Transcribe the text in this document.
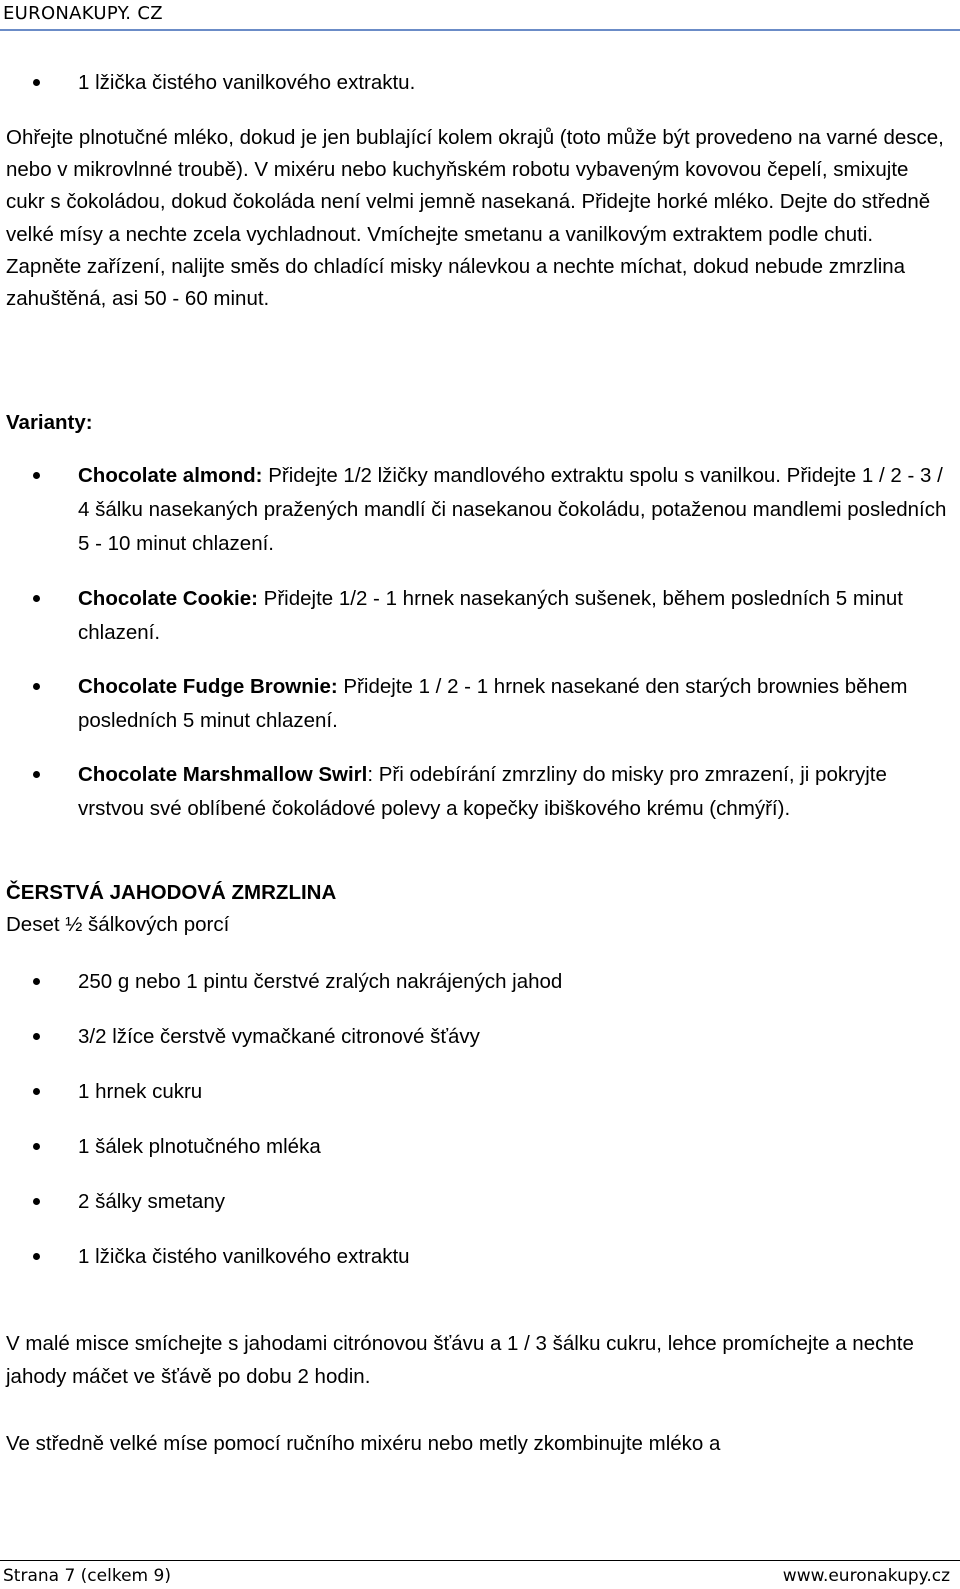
EURONAKUPY. CZ

1 lžička čistého vanilkového extraktu.

Ohřejte plnotučné mléko, dokud je jen bublající kolem okrajů (toto může být provedeno na varné desce, nebo v mikrovlnné troubě). V mixéru nebo kuchyňském robotu vybaveným kovovou čepelí, smixujte cukr s čokoládou, dokud čokoláda není velmi jemně nasekaná. Přidejte horké mléko. Dejte do středně velké mísy a nechte zcela vychladnout. Vmíchejte smetanu a vanilkovým extraktem podle chuti. Zapněte zařízení, nalijte směs do chladící misky nálevkou a nechte míchat, dokud nebude zmrzlina zahuštěná, asi 50 - 60 minut.

Varianty:

Chocolate almond: Přidejte 1/2 lžičky mandlového extraktu spolu s vanilkou. Přidejte 1 / 2 - 3 / 4 šálku nasekaných pražených mandlí či nasekanou čokoládu, potaženou mandlemi posledních 5 - 10 minut chlazení.

Chocolate Cookie: Přidejte 1/2 - 1 hrnek nasekaných sušenek, během posledních 5 minut chlazení.

Chocolate Fudge Brownie: Přidejte 1 / 2 - 1 hrnek nasekané den starých brownies během posledních 5 minut chlazení.

Chocolate Marshmallow Swirl: Při odebírání zmrzliny do misky pro zmrazení, ji pokryjte vrstvou své oblíbené čokoládové polevy a kopečky ibiškového krému (chmýří).

ČERSTVÁ JAHODOVÁ ZMRZLINA

Deset ½ šálkových porcí

250 g nebo 1 pintu čerstvé zralých nakrájených jahod

3/2 lžíce čerstvě vymačkané citronové šťávy

1 hrnek cukru

1 šálek plnotučného mléka

2 šálky smetany

1 lžička čistého vanilkového extraktu

V malé misce smíchejte s jahodami citrónovou šťávu a 1 / 3 šálku cukru, lehce promíchejte a nechte jahody máčet ve šťávě po dobu 2 hodin.

Ve středně velké míse pomocí ručního mixéru nebo metly zkombinujte mléko a

Strana 7 (celkem 9)	www.euronakupy.cz
